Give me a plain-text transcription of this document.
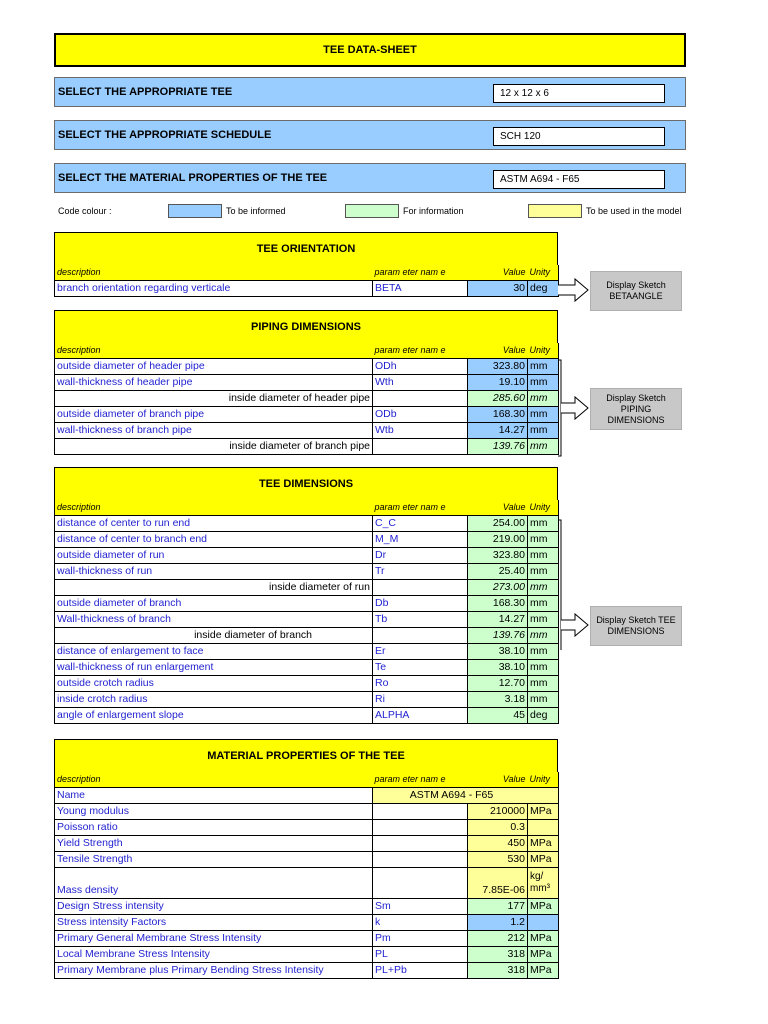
TEE DATA-SHEET
SELECT THE APPROPRIATE TEE	12 x 12 x 6
SELECT THE APPROPRIATE SCHEDULE	SCH 120
SELECT THE MATERIAL PROPERTIES OF THE TEE	ASTM A694 - F65
Code colour :	To be informed	For information	To be used in the model
TEE ORIENTATION
description	param eter nam e	Value	Unity
branch orientation regarding verticale	BETA	30	deg
PIPING DIMENSIONS
description	param eter nam e	Value	Unity
outside diameter of header pipe	ODh	323.80	mm
wall-thickness of header pipe	Wth	19.10	mm
inside diameter of header pipe		285.60	mm
outside diameter of branch pipe	ODb	168.30	mm
wall-thickness of branch pipe	Wtb	14.27	mm
inside diameter of branch pipe		139.76	mm
TEE DIMENSIONS
description	param eter nam e	Value	Unity
distance of center to run end	C_C	254.00	mm
distance of center to branch end	M_M	219.00	mm
outside diameter of run	Dr	323.80	mm
wall-thickness of run	Tr	25.40	mm
inside diameter of run		273.00	mm
outside diameter of branch	Db	168.30	mm
Wall-thickness of branch	Tb	14.27	mm
inside diameter of branch		139.76	mm
distance of enlargement to face	Er	38.10	mm
wall-thickness of run enlargement	Te	38.10	mm
outside crotch radius	Ro	12.70	mm
inside crotch radius	Ri	3.18	mm
angle of enlargement slope	ALPHA	45	deg
MATERIAL PROPERTIES OF THE TEE
description	param eter nam e	Value	Unity
Name	ASTM A694 - F65		
Young modulus		210000	MPa
Poisson ratio		0.3	
Yield Strength		450	MPa
Tensile Strength		530	MPa
Mass density		7.85E-06	kg/ mm³
Design Stress intensity	Sm	177	MPa
Stress intensity Factors	k	1.2	
Primary General Membrane Stress Intensity	Pm	212	MPa
Local Membrane Stress Intensity	PL	318	MPa
Primary Membrane plus Primary Bending Stress Intensity	PL+Pb	318	MPa
Display Sketch BETAANGLE
Display Sketch PIPING DIMENSIONS
Display Sketch TEE DIMENSIONS
